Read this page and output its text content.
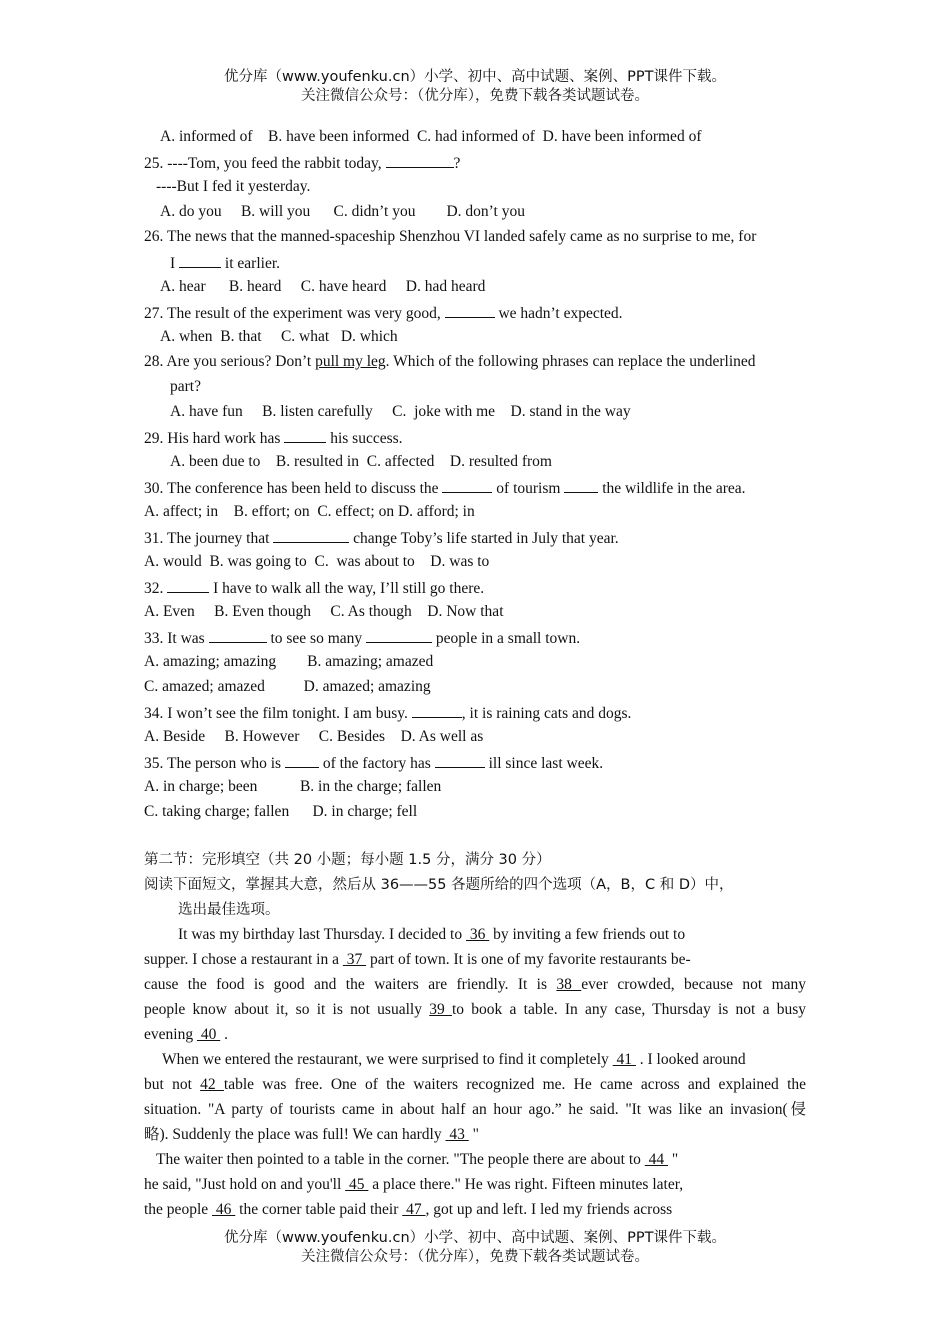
优分库（www.youfenku.cn）小学、初中、高中试题、案例、PPT课件下载。
关注微信公众号：（优分库），免费下载各类试题试卷。
A. informed of    B. have been informed  C. had informed of  D. have been informed of
25. ----Tom, you feed the rabbit today,	?
----But I fed it yesterday.
A. do you     B. will you      C. didn’t you        D. don’t you
26. The news that the manned-spaceship Shenzhou VI landed safely came as no surprise to me, for
I	it earlier.
A. hear      B. heard     C. have heard     D. had heard
27. The result of the experiment was very good,	we hadn’t expected.
A. when  B. that     C. what   D. which
28. Are you serious? Don’t pull my leg. Which of the following phrases can replace the underlined
part?
A. have fun     B. listen carefully     C.  joke with me    D. stand in the way
29. His hard work has	his success.
A. been due to    B. resulted in  C. affected    D. resulted from
30. The conference has been held to discuss the	of tourism  the wildlife in the area.
A. affect; in    B. effort; on  C. effect; on D. afford; in
31. The journey that	change Toby’s life started in July that year.
A. would  B. was going to  C.  was about to    D. was to
32.	I have to walk all the way, I’ll still go there.
A. Even     B. Even though     C. As though    D. Now that
33. It was	to see so many	people in a small town.
A. amazing; amazing        B. amazing; amazed
C. amazed; amazed          D. amazed; amazing
34. I won’t see the film tonight. I am busy.	, it is raining cats and dogs.
A. Beside     B. However     C. Besides    D. As well as
35. The person who is  of the factory has	ill since last week.
A. in charge; been           B. in the charge; fallen
C. taking charge; fallen      D. in charge; fell
第二节：完形填空（共 20 小题；每小题 1.5 分，满分 30 分）
阅读下面短文，掌握其大意，然后从 36——55 各题所给的四个选项（A，B，C 和 D）中，
选出最佳选项。
It was my birthday last Thursday. I decided to  36  by inviting a few friends out to
supper. I chose a restaurant in a  37  part of town. It is one of my favorite restaurants be-
cause the food is good and the waiters are friendly. It is 38 ever crowded, because not many
people know about it, so it is not usually 39 to book a table. In any case, Thursday is not a busy
evening  40  .
When we entered the restaurant, we were surprised to find it completely  41  . I looked around
but not 42 table was free. One of the waiters recognized me. He came across and explained the
situation. "A party of tourists came in about half an hour ago.” he said. "It was like an invasion(侵
略). Suddenly the place was full! We can hardly  43  "
The waiter then pointed to a table in the corner. "The people there are about to  44  "
he said, "Just hold on and you'll  45  a place there." He was right. Fifteen minutes later,
the people  46  the corner table paid their  47 , got up and left. I led my friends across
优分库（www.youfenku.cn）小学、初中、高中试题、案例、PPT课件下载。
关注微信公众号：（优分库），免费下载各类试题试卷。
